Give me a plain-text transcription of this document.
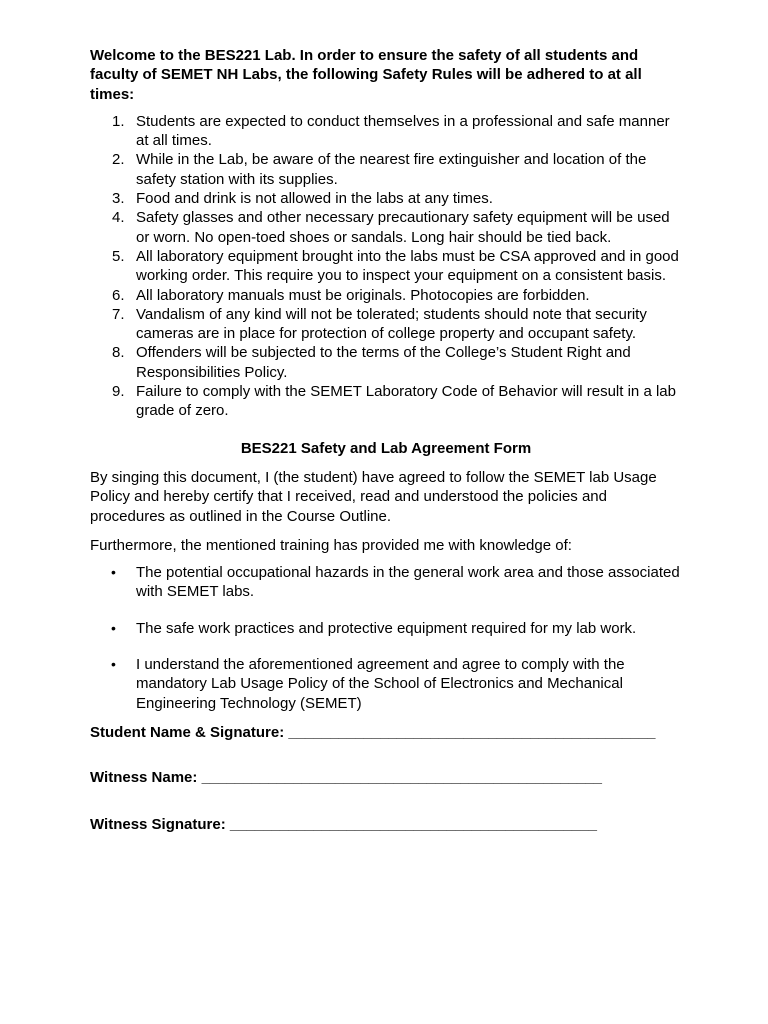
Welcome to the BES221 Lab. In order to ensure the safety of all students and faculty of SEMET NH Labs, the following Safety Rules will be adhered to at all times:

1. Students are expected to conduct themselves in a professional and safe manner at all times.
2. While in the Lab, be aware of the nearest fire extinguisher and location of the safety station with its supplies.
3. Food and drink is not allowed in the labs at any times.
4. Safety glasses and other necessary precautionary safety equipment will be used or worn. No open-toed shoes or sandals. Long hair should be tied back.
5. All laboratory equipment brought into the labs must be CSA approved and in good working order. This require you to inspect your equipment on a consistent basis.
6. All laboratory manuals must be originals. Photocopies are forbidden.
7. Vandalism of any kind will not be tolerated; students should note that security cameras are in place for protection of college property and occupant safety.
8. Offenders will be subjected to the terms of the College’s Student Right and Responsibilities Policy.
9. Failure to comply with the SEMET Laboratory Code of Behavior will result in a lab grade of zero.

BES221 Safety and Lab Agreement Form

By singing this document, I (the student) have agreed to follow the SEMET lab Usage Policy and hereby certify that I received, read and understood the policies and procedures as outlined in the Course Outline.

Furthermore, the mentioned training has provided me with knowledge of:

• The potential occupational hazards in the general work area and those associated with SEMET labs.
• The safe work practices and protective equipment required for my lab work.
• I understand the aforementioned agreement and agree to comply with the mandatory Lab Usage Policy of the School of Electronics and Mechanical Engineering Technology (SEMET)
Student Name & Signature: ____________________________________________
Witness Name: ________________________________________________
Witness Signature: ____________________________________________
